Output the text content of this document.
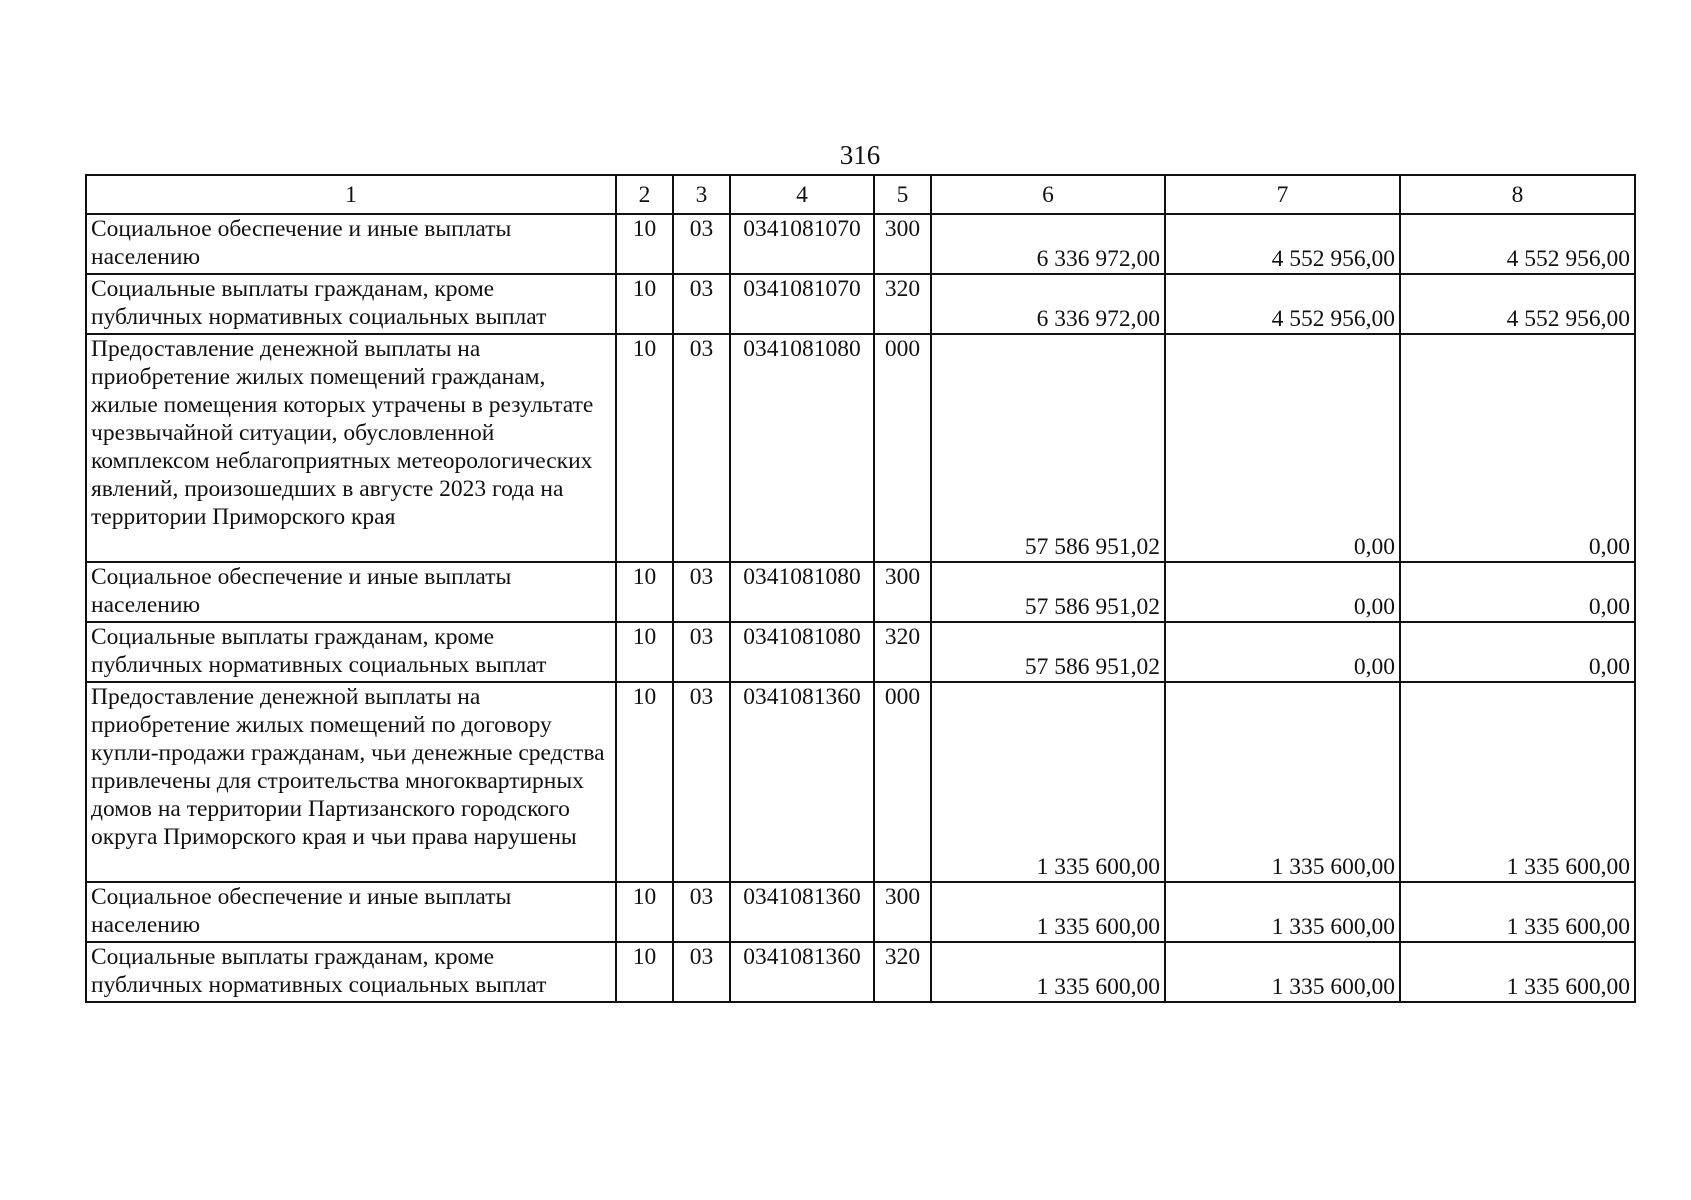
316
1	2	3	4	5	6	7	8
Социальное обеспечение и иные выплаты населению	10	03	0341081070	300	6 336 972,00	4 552 956,00	4 552 956,00
Социальные выплаты гражданам, кроме публичных нормативных социальных выплат	10	03	0341081070	320	6 336 972,00	4 552 956,00	4 552 956,00
Предоставление денежной выплаты на приобретение жилых помещений гражданам, жилые помещения которых утрачены в результате чрезвычайной ситуации, обусловленной комплексом неблагоприятных метеорологических явлений, произошедших в августе 2023 года на территории Приморского края	10	03	0341081080	000	57 586 951,02	0,00	0,00
Социальное обеспечение и иные выплаты населению	10	03	0341081080	300	57 586 951,02	0,00	0,00
Социальные выплаты гражданам, кроме публичных нормативных социальных выплат	10	03	0341081080	320	57 586 951,02	0,00	0,00
Предоставление денежной выплаты на приобретение жилых помещений по договору купли-продажи гражданам, чьи денежные средства привлечены для строительства многоквартирных домов на территории Партизанского городского округа Приморского края и чьи права нарушены	10	03	0341081360	000	1 335 600,00	1 335 600,00	1 335 600,00
Социальное обеспечение и иные выплаты населению	10	03	0341081360	300	1 335 600,00	1 335 600,00	1 335 600,00
Социальные выплаты гражданам, кроме публичных нормативных социальных выплат	10	03	0341081360	320	1 335 600,00	1 335 600,00	1 335 600,00
